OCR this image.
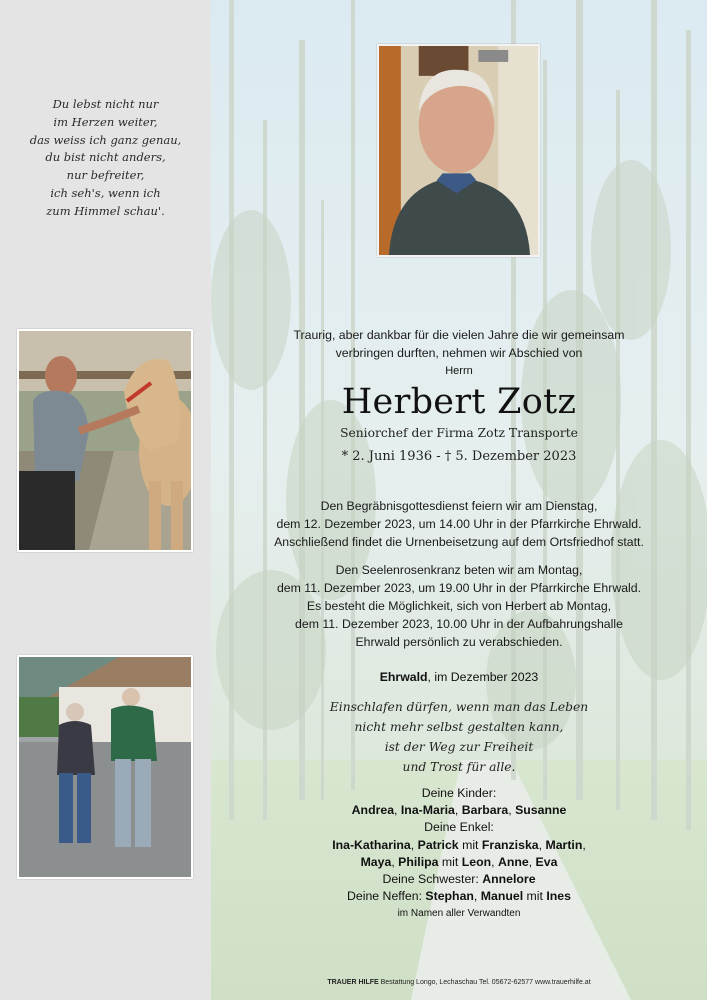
Du lebst nicht nur
im Herzen weiter,
das weiss ich ganz genau,
du bist nicht anders,
nur befreiter,
ich seh's, wenn ich
zum Himmel schau'.
Traurig, aber dankbar für die vielen Jahre die wir gemeinsam
verbringen durften, nehmen wir Abschied von
Herrn
Herbert Zotz
Seniorchef der Firma Zotz Transporte
* 2. Juni 1936 - † 5. Dezember 2023
Den Begräbnisgottesdienst feiern wir am Dienstag,
dem 12. Dezember 2023, um 14.00 Uhr in der Pfarrkirche Ehrwald.
Anschließend findet die Urnenbeisetzung auf dem Ortsfriedhof statt.
Den Seelenrosenkranz beten wir am Montag,
dem 11. Dezember 2023, um 19.00 Uhr in der Pfarrkirche Ehrwald.
Es besteht die Möglichkeit, sich von Herbert ab Montag,
dem 11. Dezember 2023, 10.00 Uhr in der Aufbahrungshalle
Ehrwald persönlich zu verabschieden.
Ehrwald, im Dezember 2023
Einschlafen dürfen, wenn man das Leben
nicht mehr selbst gestalten kann,
ist der Weg zur Freiheit
und Trost für alle.
Deine Kinder:
Andrea, Ina-Maria, Barbara, Susanne
Deine Enkel:
Ina-Katharina, Patrick mit Franziska, Martin,
Maya, Philipa mit Leon, Anne, Eva
Deine Schwester: Annelore
Deine Neffen: Stephan, Manuel mit Ines
im Namen aller Verwandten
TRAUER HILFE Bestattung Longo, Lechaschau Tel. 05672-62577 www.trauerhilfe.at
